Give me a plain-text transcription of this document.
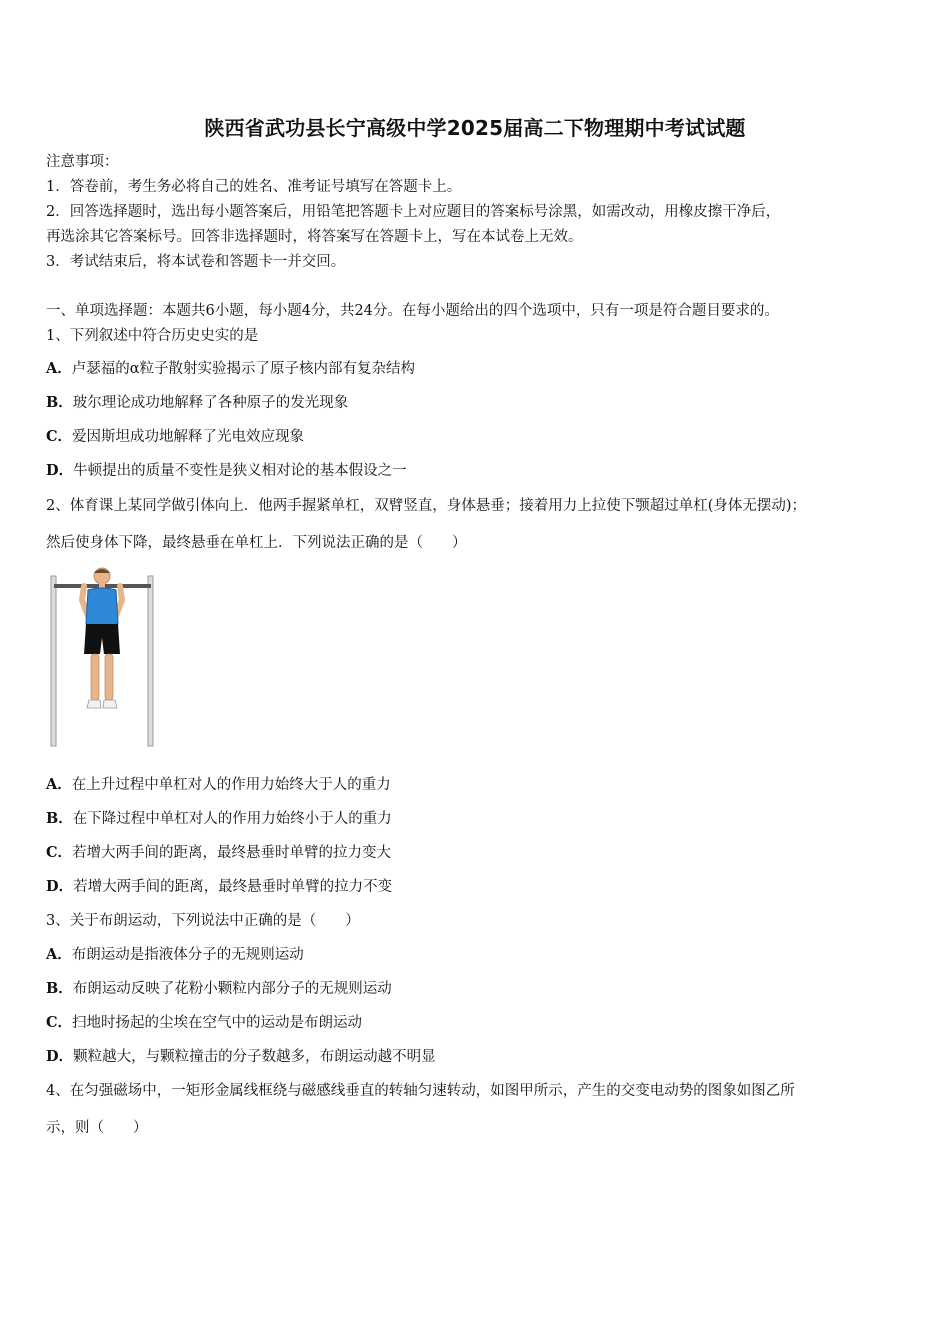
陕西省武功县长宁高级中学2025届高二下物理期中考试试题
注意事项：
1．答卷前，考生务必将自己的姓名、准考证号填写在答题卡上。
2．回答选择题时，选出每小题答案后，用铅笔把答题卡上对应题目的答案标号涂黑，如需改动，用橡皮擦干净后，
再选涂其它答案标号。回答非选择题时，将答案写在答题卡上，写在本试卷上无效。
3．考试结束后，将本试卷和答题卡一并交回。
一、单项选择题：本题共6小题，每小题4分，共24分。在每小题给出的四个选项中，只有一项是符合题目要求的。
1、下列叙述中符合历史史实的是
A．卢瑟福的α粒子散射实验揭示了原子核内部有复杂结构
B．玻尔理论成功地解释了各种原子的发光现象
C．爱因斯坦成功地解释了光电效应现象
D．牛顿提出的质量不变性是狭义相对论的基本假设之一
2、体育课上某同学做引体向上．他两手握紧单杠，双臂竖直，身体悬垂；接着用力上拉使下颚超过单杠(身体无摆动)；
然后使身体下降，最终悬垂在单杠上．下列说法正确的是（　　）
A．在上升过程中单杠对人的作用力始终大于人的重力
B．在下降过程中单杠对人的作用力始终小于人的重力
C．若增大两手间的距离，最终悬垂时单臂的拉力变大
D．若增大两手间的距离，最终悬垂时单臂的拉力不变
3、关于布朗运动，下列说法中正确的是（　　）
A．布朗运动是指液体分子的无规则运动
B．布朗运动反映了花粉小颗粒内部分子的无规则运动
C．扫地时扬起的尘埃在空气中的运动是布朗运动
D．颗粒越大，与颗粒撞击的分子数越多，布朗运动越不明显
4、在匀强磁场中，一矩形金属线框绕与磁感线垂直的转轴匀速转动，如图甲所示，产生的交变电动势的图象如图乙所
示，则（　　）
